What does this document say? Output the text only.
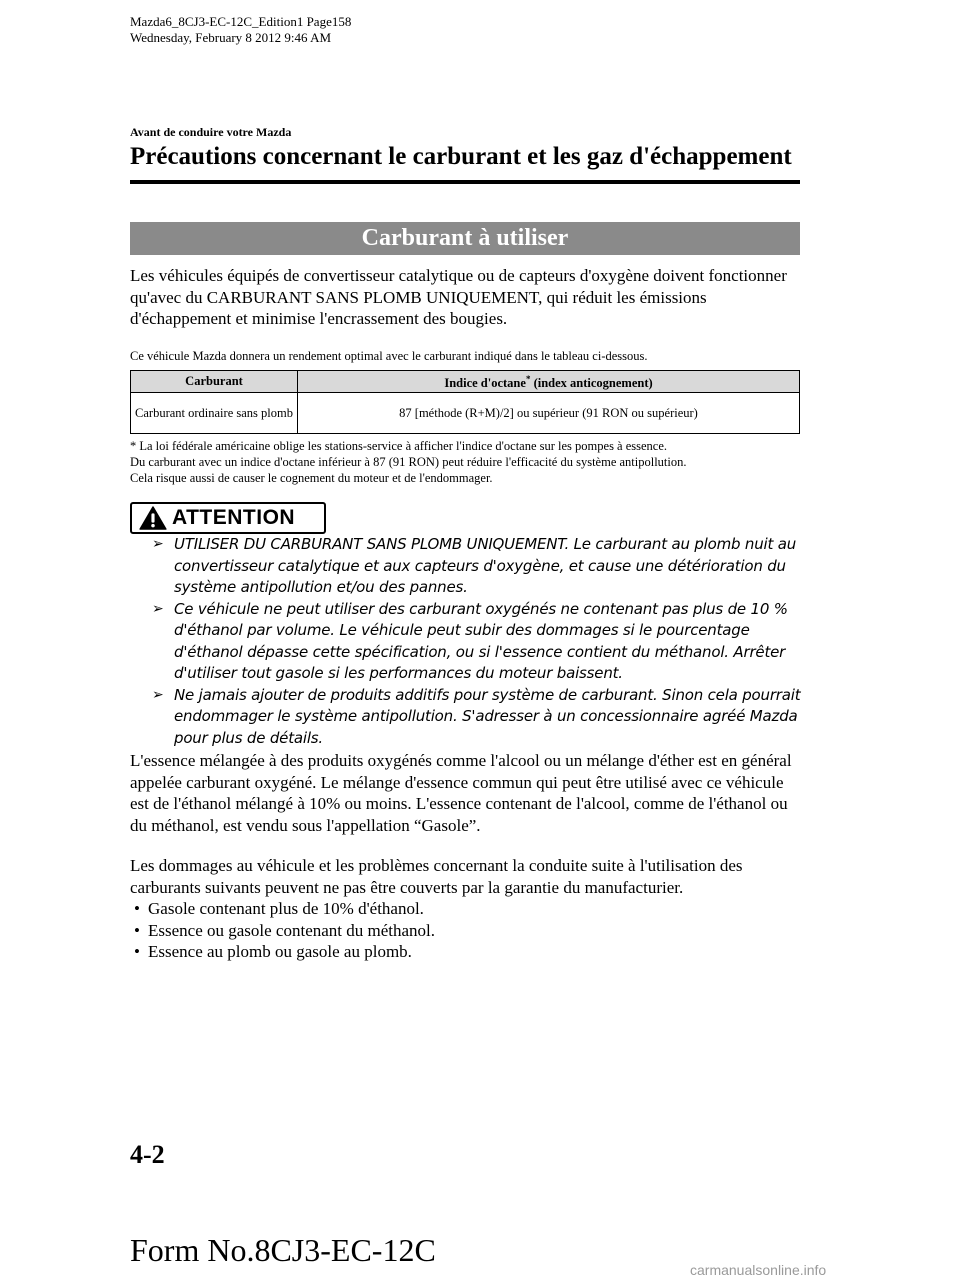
Mazda6_8CJ3-EC-12C_Edition1 Page158
Wednesday, February 8 2012 9:46 AM
Avant de conduire votre Mazda
Précautions concernant le carburant et les gaz d'échappement
Carburant à utiliser
Les véhicules équipés de convertisseur catalytique ou de capteurs d'oxygène doivent fonctionner qu'avec du CARBURANT SANS PLOMB UNIQUEMENT, qui réduit les émissions d'échappement et minimise l'encrassement des bougies.
Ce véhicule Mazda donnera un rendement optimal avec le carburant indiqué dans le tableau ci-dessous.
Carburant	Indice d'octane* (index anticognement)
Carburant ordinaire sans plomb	87 [méthode (R+M)/2] ou supérieur (91 RON ou supérieur)
* La loi fédérale américaine oblige les stations-service à afficher l'indice d'octane sur les pompes à essence.
Du carburant avec un indice d'octane inférieur à 87 (91 RON) peut réduire l'efficacité du système antipollution.
Cela risque aussi de causer le cognement du moteur et de l'endommager.
ATTENTION
➢ UTILISER DU CARBURANT SANS PLOMB UNIQUEMENT. Le carburant au plomb nuit au convertisseur catalytique et aux capteurs d'oxygène, et cause une détérioration du système antipollution et/ou des pannes.
➢ Ce véhicule ne peut utiliser des carburant oxygénés ne contenant pas plus de 10 % d'éthanol par volume. Le véhicule peut subir des dommages si le pourcentage d'éthanol dépasse cette spécification, ou si l'essence contient du méthanol. Arrêter d'utiliser tout gasole si les performances du moteur baissent.
➢ Ne jamais ajouter de produits additifs pour système de carburant. Sinon cela pourrait endommager le système antipollution. S'adresser à un concessionnaire agréé Mazda pour plus de détails.
L'essence mélangée à des produits oxygénés comme l'alcool ou un mélange d'éther est en général appelée carburant oxygéné. Le mélange d'essence commun qui peut être utilisé avec ce véhicule est de l'éthanol mélangé à 10% ou moins. L'essence contenant de l'alcool, comme de l'éthanol ou du méthanol, est vendu sous l'appellation “Gasole”.
Les dommages au véhicule et les problèmes concernant la conduite suite à l'utilisation des carburants suivants peuvent ne pas être couverts par la garantie du manufacturier.
• Gasole contenant plus de 10% d'éthanol.
• Essence ou gasole contenant du méthanol.
• Essence au plomb ou gasole au plomb.
4-2
Form No.8CJ3-EC-12C
carmanualsonline.info
